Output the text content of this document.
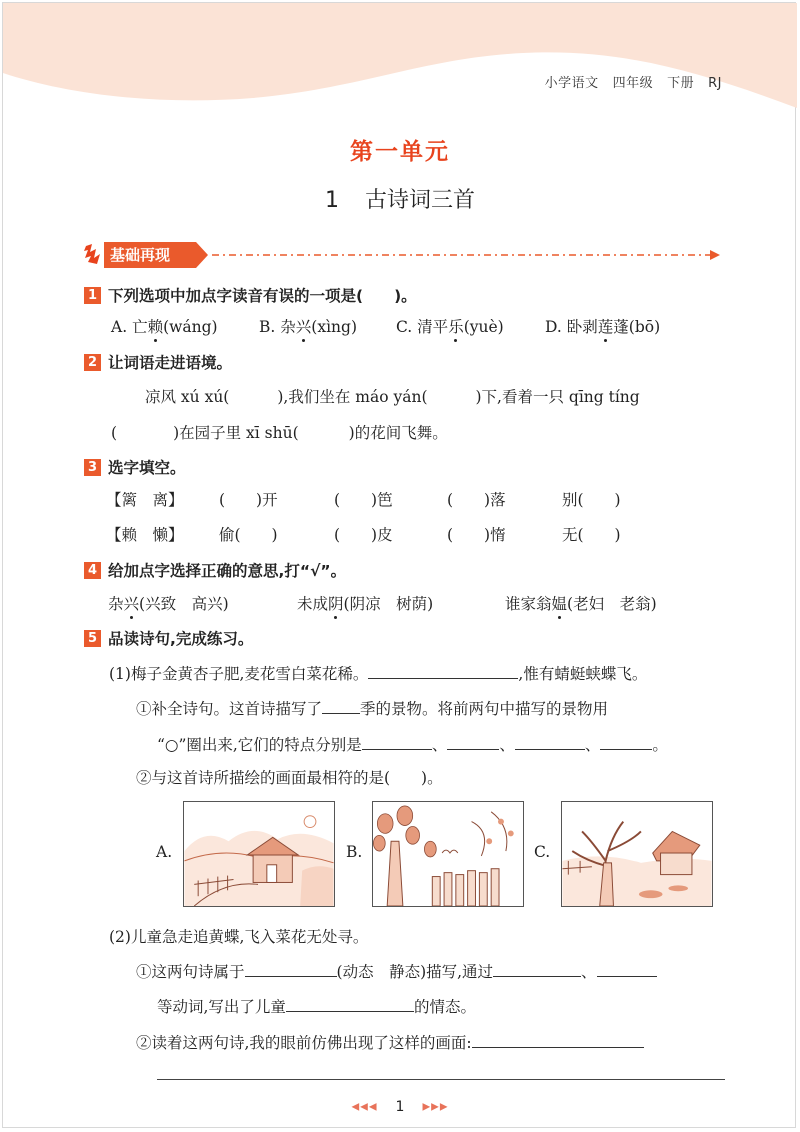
小学语文 四年级 下册 RJ
第一单元
1 古诗词三首
基础再现
1 下列选项中加点字读音有误的一项是(　　)。
A. 亡赖(wáng)	B. 杂兴(xìng)	C. 清平乐(yuè)	D. 卧剥莲蓬(bō)
2 让词语走进语境。
凉风 xú xú(	),我们坐在 máo yán(	)下,看着一只 qīng tíng
(	)在园子里 xī shū(	)的花间飞舞。
3 选字填空。
【篱　离】 (　　)开	(　　)笆	(　　)落	别(　　)
【赖　懒】 偷(　　)	(　　)皮	(　　)惰	无(　　)
4 给加点字选择正确的意思,打“√”。
杂兴(兴致　高兴)	未成阴(阴凉　树荫)	谁家翁媪(老妇　老翁)
5 品读诗句,完成练习。
(1)梅子金黄杏子肥,麦花雪白菜花稀。	,惟有蜻蜓蛱蝶飞。
①补全诗句。这首诗描写了 季的景物。将前两句中描写的景物用
“○”圈出来,它们的特点分别是	、	、	、	。
②与这首诗所描绘的画面最相符的是(　　)。
A.	B.	C.
(2)儿童急走追黄蝶,飞入菜花无处寻。
①这两句诗属于	(动态　静态)描写,通过	、
等动词,写出了儿童	的情态。
②读着这两句诗,我的眼前仿佛出现了这样的画面:
◀◀◀ 1 ▶▶▶
